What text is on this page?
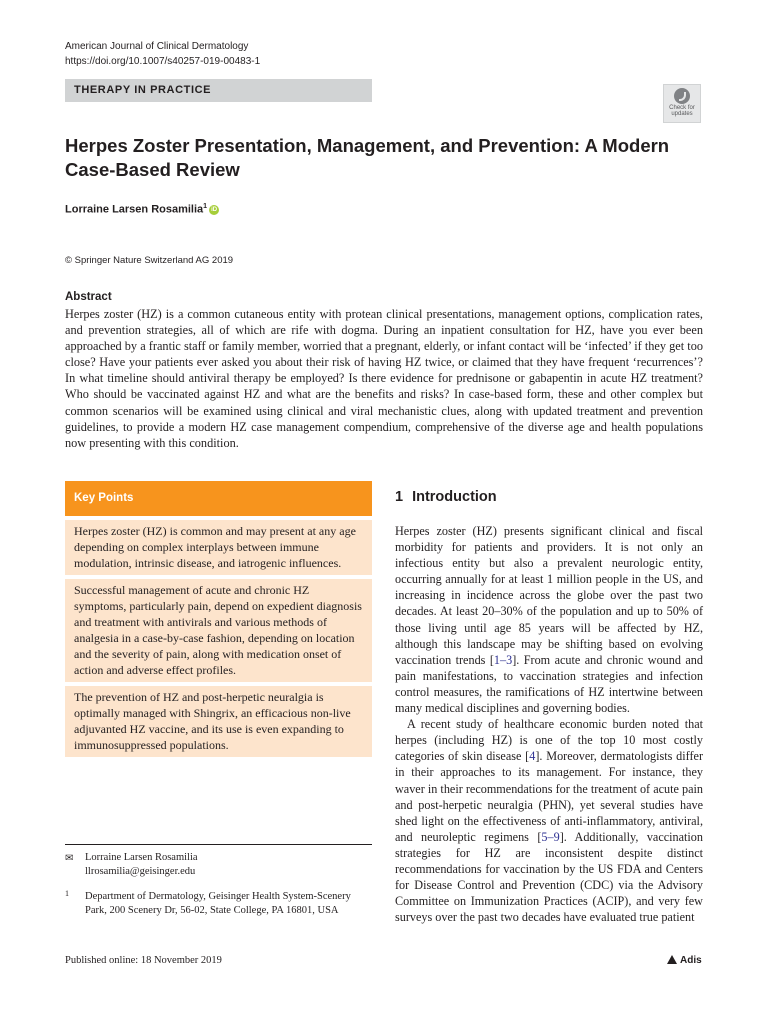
American Journal of Clinical Dermatology
https://doi.org/10.1007/s40257-019-00483-1
THERAPY IN PRACTICE
Check for
updates
Herpes Zoster Presentation, Management, and Prevention: A Modern Case-Based Review
Lorraine Larsen Rosamilia$^1$ iD
© Springer Nature Switzerland AG 2019
Abstract
Herpes zoster (HZ) is a common cutaneous entity with protean clinical presentations, management options, complication rates, and prevention strategies, all of which are rife with dogma. During an inpatient consultation for HZ, have you ever been approached by a frantic staff or family member, worried that a pregnant, elderly, or infant contact will be ‘infected’ if they get too close? Have your patients ever asked you about their risk of having HZ twice, or claimed that they have frequent ‘recurrences’? In what timeline should antiviral therapy be employed? Is there evidence for prednisone or gabapentin in acute HZ treatment? Who should be vaccinated against HZ and what are the benefits and risks? In case-based form, these and other complex but common scenarios will be examined using clinical and viral mechanistic clues, along with updated treatment and prevention guidelines, to provide a modern HZ case management compendium, comprehensive of the diverse age and health populations now presenting with this condition.
Key Points
Herpes zoster (HZ) is common and may present at any age depending on complex interplays between immune modulation, intrinsic disease, and iatrogenic influences.
Successful management of acute and chronic HZ symptoms, particularly pain, depend on expedient diagnosis and treatment with antivirals and various methods of analgesia in a case-by-case fashion, depending on location and the severity of pain, along with medication onset of action and adverse effect profiles.
The prevention of HZ and post-herpetic neuralgia is optimally managed with Shingrix, an efficacious non-live adjuvanted HZ vaccine, and its use is even expanding to immunosuppressed populations.
✉ Lorraine Larsen Rosamilia
llrosamilia@geisinger.edu
1 Department of Dermatology, Geisinger Health System-Scenery Park, 200 Scenery Dr, 56-02, State College, PA 16801, USA
Published online: 18 November 2019	Adis
1 Introduction

Herpes zoster (HZ) presents significant clinical and fiscal morbidity for patients and providers. It is not only an infectious entity but also a prevalent neurologic entity, occurring annually for at least 1 million people in the US, and increasing in incidence across the globe over the past two decades. At least 20–30% of the population and up to 50% of those living until age 85 years will be affected by HZ, although this landscape may be shifting based on evolving vaccination trends [1–3]. From acute and chronic wound and pain manifestations, to vaccination strategies and infection control measures, the ramifications of HZ intertwine between many medical disciplines and governing bodies.

A recent study of healthcare economic burden noted that herpes (including HZ) is one of the top 10 most costly categories of skin disease [4]. Moreover, dermatologists differ in their approaches to its management. For instance, they waver in their recommendations for the treatment of acute pain and post-herpetic neuralgia (PHN), yet several studies have shed light on the effectiveness of anti-inflammatory, antiviral, and neuroleptic regimens [5–9]. Additionally, vaccination strategies for HZ are inconsistent despite distinct recommendations for vaccination by the US FDA and Centers for Disease Control and Prevention (CDC) via the Advisory Committee on Immunization Practices (ACIP), and very few surveys over the past two decades have evaluated true patient
